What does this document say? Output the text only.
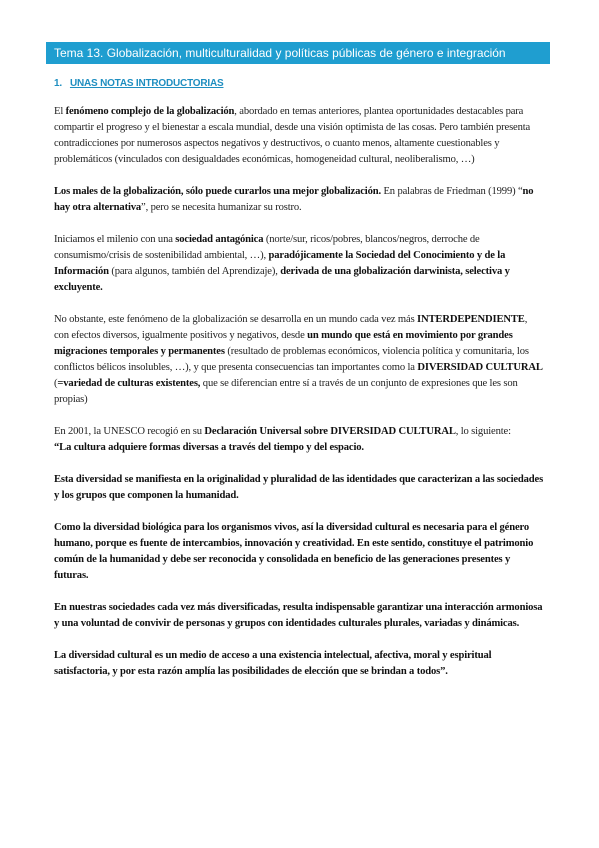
Tema 13. Globalización, multiculturalidad y políticas públicas de género e integración
1. UNAS NOTAS INTRODUCTORIAS

El fenómeno complejo de la globalización, abordado en temas anteriores, plantea oportunidades destacables para compartir el progreso y el bienestar a escala mundial, desde una visión optimista de las cosas. Pero también presenta contradicciones por numerosos aspectos negativos y destructivos, o cuanto menos, altamente cuestionables y problemáticos (vinculados con desigualdades económicas, homogeneidad cultural, neoliberalismo, …)

Los males de la globalización, sólo puede curarlos una mejor globalización. En palabras de Friedman (1999) “no hay otra alternativa”, pero se necesita humanizar su rostro.

Iniciamos el milenio con una sociedad antagónica (norte/sur, ricos/pobres, blancos/negros, derroche de consumismo/crisis de sostenibilidad ambiental, …), paradójicamente la Sociedad del Conocimiento y de la Información (para algunos, también del Aprendizaje), derivada de una globalización darwinista, selectiva y excluyente.

No obstante, este fenómeno de la globalización se desarrolla en un mundo cada vez más INTERDEPENDIENTE, con efectos diversos, igualmente positivos y negativos, desde un mundo que está en movimiento por grandes migraciones temporales y permanentes (resultado de problemas económicos, violencia política y comunitaria, los conflictos bélicos insolubles, …), y que presenta consecuencias tan importantes como la DIVERSIDAD CULTURAL (=variedad de culturas existentes, que se diferencian entre sí a través de un conjunto de expresiones que les son propias)

En 2001, la UNESCO recogió en su Declaración Universal sobre DIVERSIDAD CULTURAL, lo siguiente:

“La cultura adquiere formas diversas a través del tiempo y del espacio.

Esta diversidad se manifiesta en la originalidad y pluralidad de las identidades que caracterizan a las sociedades y los grupos que componen la humanidad.

Como la diversidad biológica para los organismos vivos, así la diversidad cultural es necesaria para el género humano, porque es fuente de intercambios, innovación y creatividad. En este sentido, constituye el patrimonio común de la humanidad y debe ser reconocida y consolidada en beneficio de las generaciones presentes y futuras.

En nuestras sociedades cada vez más diversificadas, resulta indispensable garantizar una interacción armoniosa y una voluntad de convivir de personas y grupos con identidades culturales plurales, variadas y dinámicas.

La diversidad cultural es un medio de acceso a una existencia intelectual, afectiva, moral y espiritual satisfactoria, y por esta razón amplía las posibilidades de elección que se brindan a todos”.
